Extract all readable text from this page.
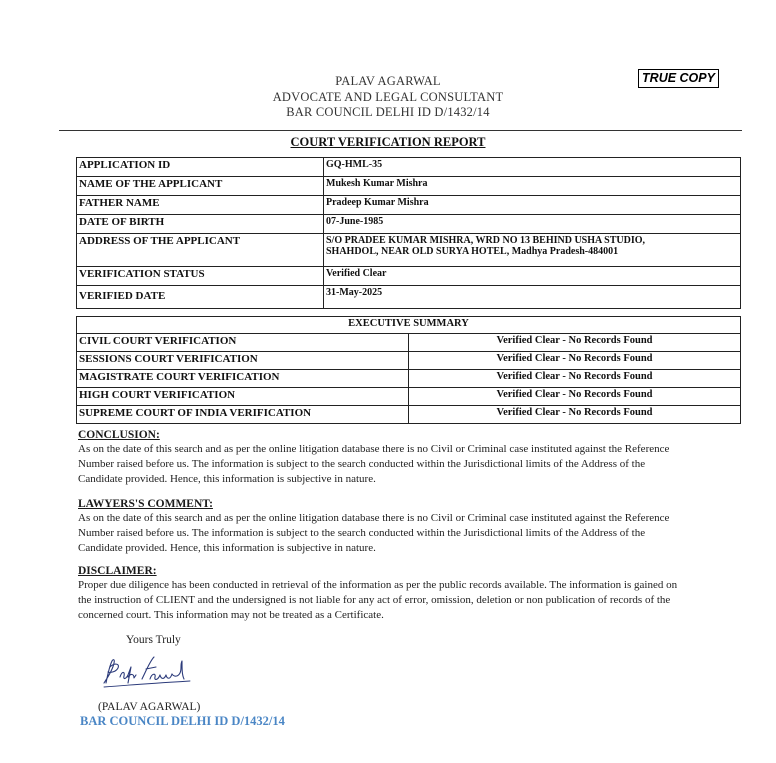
PALAV AGARWAL
ADVOCATE AND LEGAL CONSULTANT
BAR COUNCIL DELHI ID D/1432/14
TRUE COPY
COURT VERIFICATION REPORT
APPLICATION ID	GQ-HML-35
NAME OF THE APPLICANT	Mukesh Kumar Mishra
FATHER NAME	Pradeep Kumar Mishra
DATE OF BIRTH	07-June-1985
ADDRESS OF THE APPLICANT	S/O PRADEE KUMAR MISHRA, WRD NO 13 BEHIND USHA STUDIO,
SHAHDOL, NEAR OLD SURYA HOTEL, Madhya Pradesh-484001

VERIFICATION STATUS	Verified Clear
VERIFIED DATE	31-May-2025
EXECUTIVE SUMMARY	
CIVIL COURT VERIFICATION	Verified Clear - No Records Found
SESSIONS COURT VERIFICATION	Verified Clear - No Records Found
MAGISTRATE COURT VERIFICATION	Verified Clear - No Records Found
HIGH COURT VERIFICATION	Verified Clear - No Records Found
SUPREME COURT OF INDIA VERIFICATION	Verified Clear - No Records Found
CONCLUSION:
As on the date of this search and as per the online litigation database there is no Civil or Criminal case instituted against the Reference
Number raised before us. The information is subject to the search conducted within the Jurisdictional limits of the Address of the
Candidate provided. Hence, this information is subjective in nature.
LAWYERS'S COMMENT:
As on the date of this search and as per the online litigation database there is no Civil or Criminal case instituted against the Reference
Number raised before us. The information is subject to the search conducted within the Jurisdictional limits of the Address of the
Candidate provided. Hence, this information is subjective in nature.
DISCLAIMER:
Proper due diligence has been conducted in retrieval of the information as per the public records available. The information is gained on
the instruction of CLIENT and the undersigned is not liable for any act of error, omission, deletion or non publication of records of the
concerned court. This information may not be treated as a Certificate.
Yours Truly
(PALAV AGARWAL)
BAR COUNCIL DELHI ID D/1432/14
